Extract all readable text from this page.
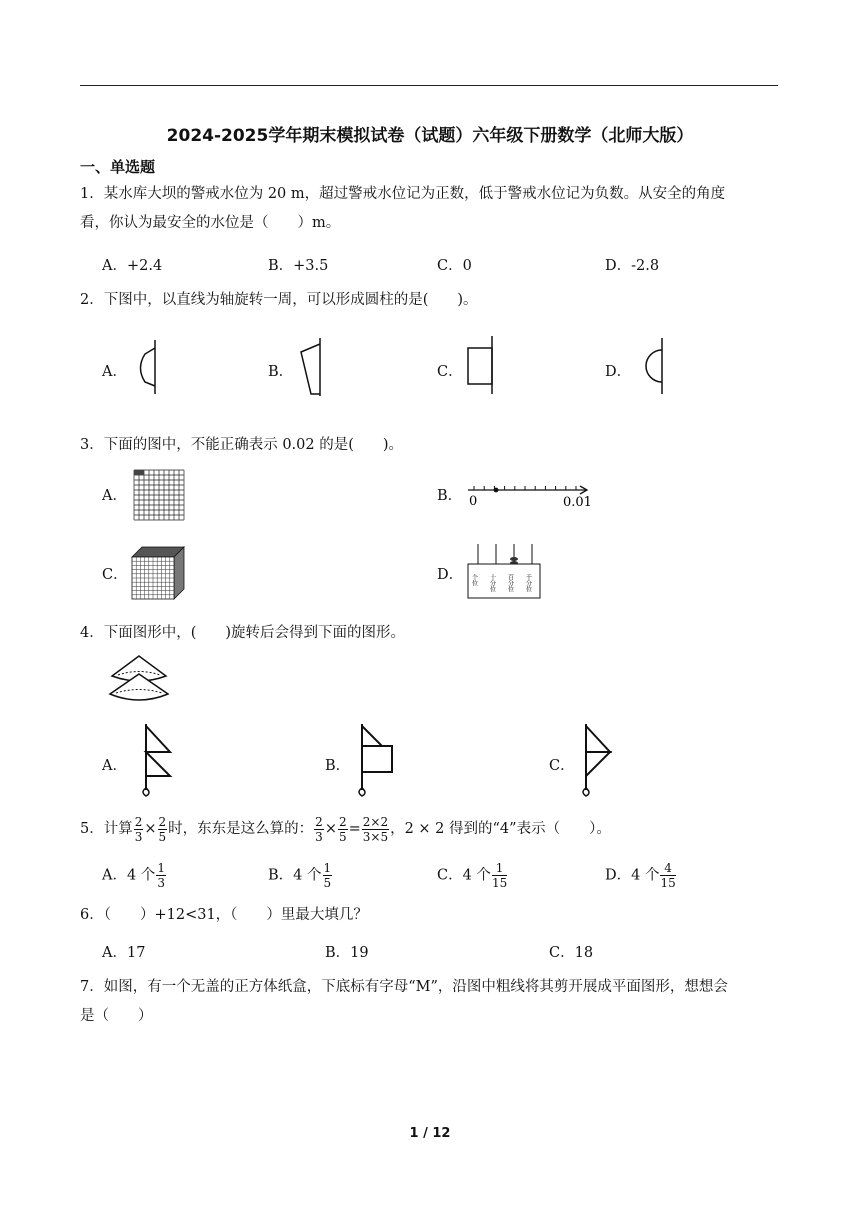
2024-2025学年期末模拟试卷（试题）六年级下册数学（北师大版）
一、单选题
1．某水库大坝的警戒水位为 20 m，超过警戒水位记为正数，低于警戒水位记为负数。从安全的角度
看，你认为最安全的水位是（　　）m。
A．+2.4	B．+3.5	C．0	D．-2.8
2．下图中，以直线为轴旋转一周，可以形成圆柱的是(　　)。
A．	B．	C．	D．
3．下面的图中，不能正确表示 0.02 的是(　　)。
A．	B．
C．	D．
0	0.01
个位 十分位 百分位 千分位
4．下面图形中，(　　)旋转后会得到下面的图形。
A．	B．	C．
5．计算 $\frac{2}{3} \times \frac{2}{5}$ 时，东东是这么算的： $\frac{2}{3} \times \frac{2}{5} = \frac{2\times 2}{3\times 5}$ ，2 × 2 得到的“4”表示（　　）。
A．4 个 $\frac{1}{3}$	B．4 个 $\frac{1}{5}$	C．4 个 $\frac{1}{15}$	D．4 个 $\frac{4}{15}$
6．（　　）+12<31，（　　）里最大填几？
A．17	B．19	C．18
7．如图，有一个无盖的正方体纸盒，下底标有字母“M”，沿图中粗线将其剪开展成平面图形，想想会
是（　　）
1 / 12
